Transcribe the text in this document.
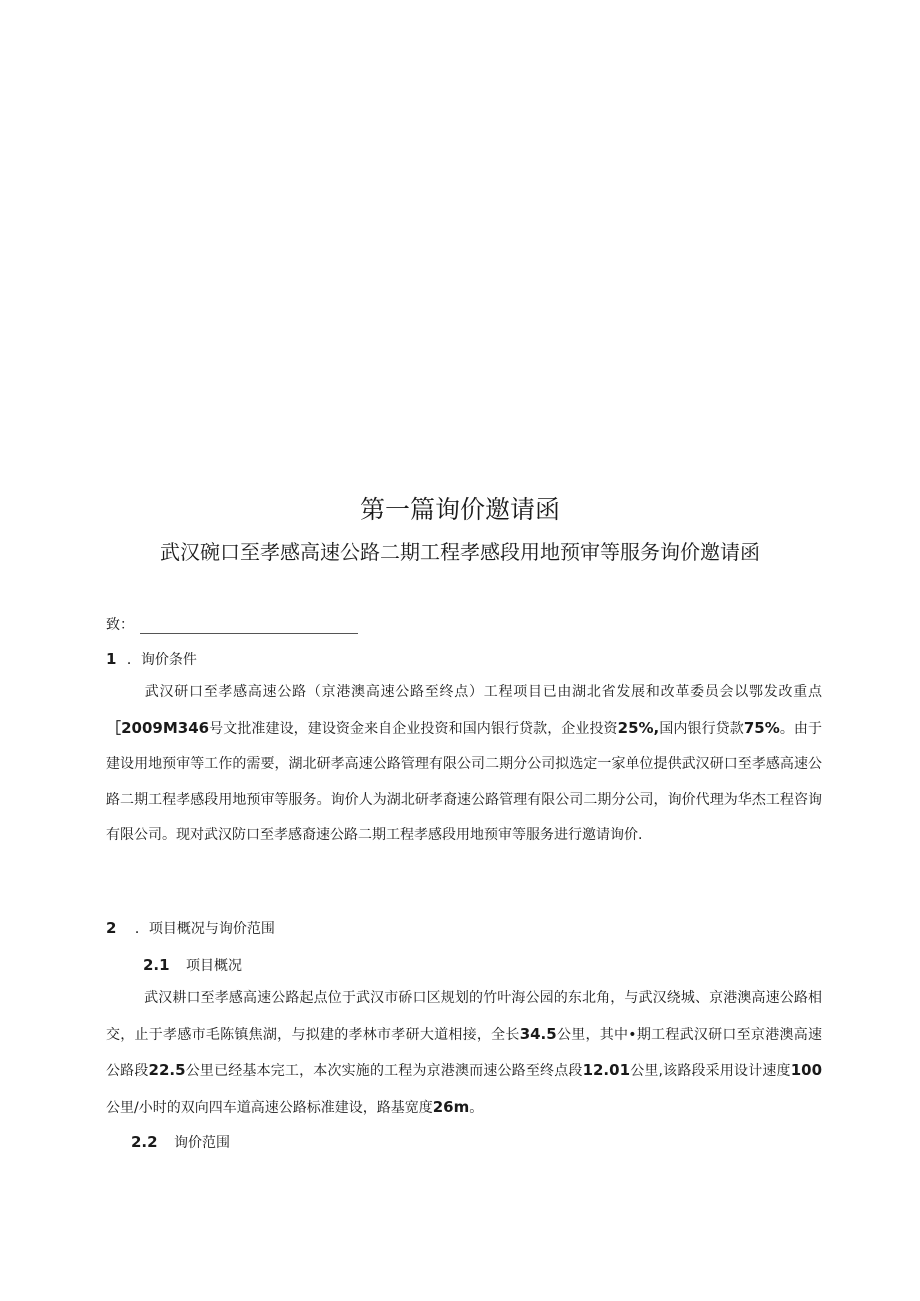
第一篇询价邀请函
武汉碗口至孝感高速公路二期工程孝感段用地预审等服务询价邀请函
致：
1 ．询价条件

武汉研口至孝感高速公路（京港澳高速公路至终点）工程项目已由湖北省发展和改革委员会以鄂发改重点［2009M346号文批准建设，建设资金来自企业投资和国内银行贷款，企业投资25%,国内银行贷款75%。由于建设用地预审等工作的需要，湖北研孝高速公路管理有限公司二期分公司拟选定一家单位提供武汉研口至孝感高速公路二期工程孝感段用地预审等服务。询价人为湖北研孝裔速公路管理有限公司二期分公司，询价代理为华杰工程咨询有限公司。现对武汉防口至孝感裔速公路二期工程孝感段用地预审等服务进行邀请询价.

2 ．项目概况与询价范围
2.1 项目概况

武汉耕口至孝感高速公路起点位于武汉市硚口区规划的竹叶海公园的东北角，与武汉绕城、京港澳高速公路相交，止于孝感市毛陈镇焦湖，与拟建的孝林市孝研大道相接，全长34.5公里，其中•期工程武汉研口至京港澳高速公路段22.5公里已经基本完工，本次实施的工程为京港澳而速公路至终点段12.01公里,该路段采用设计速度100公里/小时的双向四车道高速公路标准建设，路基宽度26m。

2.2 询价范围
